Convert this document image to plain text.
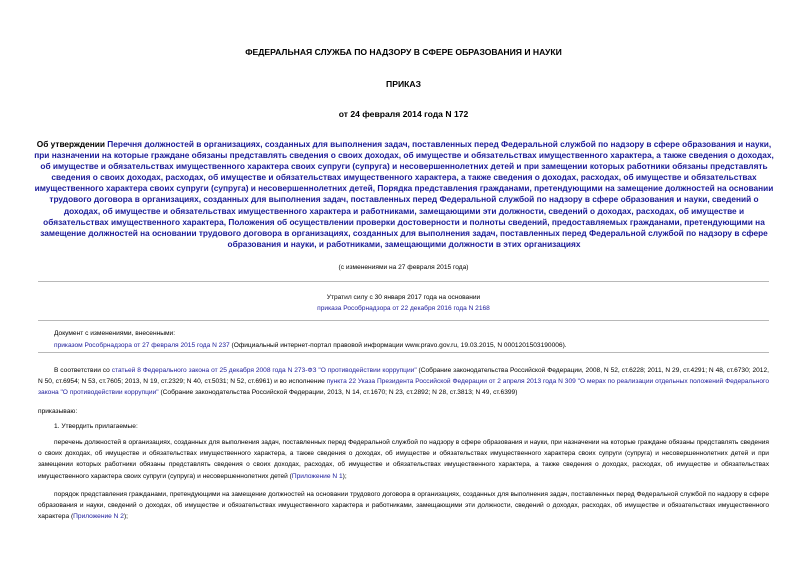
ФЕДЕРАЛЬНАЯ СЛУЖБА ПО НАДЗОРУ В СФЕРЕ ОБРАЗОВАНИЯ И НАУКИ
ПРИКАЗ
от 24 февраля 2014 года N 172
Об утверждении Перечня должностей в организациях, созданных для выполнения задач, поставленных перед Федеральной службой по надзору в сфере образования и науки, при назначении на которые граждане обязаны представлять сведения о своих доходах, об имуществе и обязательствах имущественного характера, а также сведения о доходах, об имуществе и обязательствах имущественного характера своих супруги (супруга) и несовершеннолетних детей и при замещении которых работники обязаны представлять сведения о своих доходах, расходах, об имуществе и обязательствах имущественного характера, а также сведения о доходах, расходах, об имуществе и обязательствах имущественного характера своих супруги (супруга) и несовершеннолетних детей, Порядка представления гражданами, претендующими на замещение должностей на основании трудового договора в организациях, созданных для выполнения задач, поставленных перед Федеральной службой по надзору в сфере образования и науки, сведений о доходах, об имуществе и обязательствах имущественного характера и работниками, замещающими эти должности, сведений о доходах, расходах, об имуществе и обязательствах имущественного характера, Положения об осуществлении проверки достоверности и полноты сведений, предоставляемых гражданами, претендующими на замещение должностей на основании трудового договора в организациях, созданных для выполнения задач, поставленных перед Федеральной службой по надзору в сфере образования и науки, и работниками, замещающими должности в этих организациях
(с изменениями на 27 февраля 2015 года)
Утратил силу с 30 января 2017 года на основании
приказа Рособрнадзора от 22 декабря 2016 года N 2168
Документ с изменениями, внесенными:
приказом Рособрнадзора от 27 февраля 2015 года N 237 (Официальный интернет-портал правовой информации www.pravo.gov.ru, 19.03.2015, N 0001201503190006).
В соответствии со статьей 8 Федерального закона от 25 декабря 2008 года N 273-ФЗ "О противодействии коррупции" (Собрание законодательства Российской Федерации, 2008, N 52, ст.6228; 2011, N 29, ст.4291; N 48, ст.6730; 2012, N 50, ст.6954; N 53, ст.7605; 2013, N 19, ст.2329; N 40, ст.5031; N 52, ст.6961) и во исполнение пункта 22 Указа Президента Российской Федерации от 2 апреля 2013 года N 309 "О мерах по реализации отдельных положений Федерального закона "О противодействии коррупции" (Собрание законодательства Российской Федерации, 2013, N 14, ст.1670; N 23, ст.2892; N 28, ст.3813; N 49, ст.6399)
приказываю:
1. Утвердить прилагаемые:
перечень должностей в организациях, созданных для выполнения задач, поставленных перед Федеральной службой по надзору в сфере образования и науки, при назначении на которые граждане обязаны представлять сведения о своих доходах, об имуществе и обязательствах имущественного характера, а также сведения о доходах, об имуществе и обязательствах имущественного характера своих супруги (супруга) и несовершеннолетних детей и при замещении которых работники обязаны представлять сведения о своих доходах, расходах, об имуществе и обязательствах имущественного характера, а также сведения о доходах, расходах, об имуществе и обязательствах имущественного характера своих супруги (супруга) и несовершеннолетних детей (Приложение N 1);
порядок представления гражданами, претендующими на замещение должностей на основании трудового договора в организациях, созданных для выполнения задач, поставленных перед Федеральной службой по надзору в сфере образования и науки, сведений о доходах, об имуществе и обязательствах имущественного характера и работниками, замещающими эти должности, сведений о доходах, расходах, об имуществе и обязательствах имущественного характера (Приложение N 2);
